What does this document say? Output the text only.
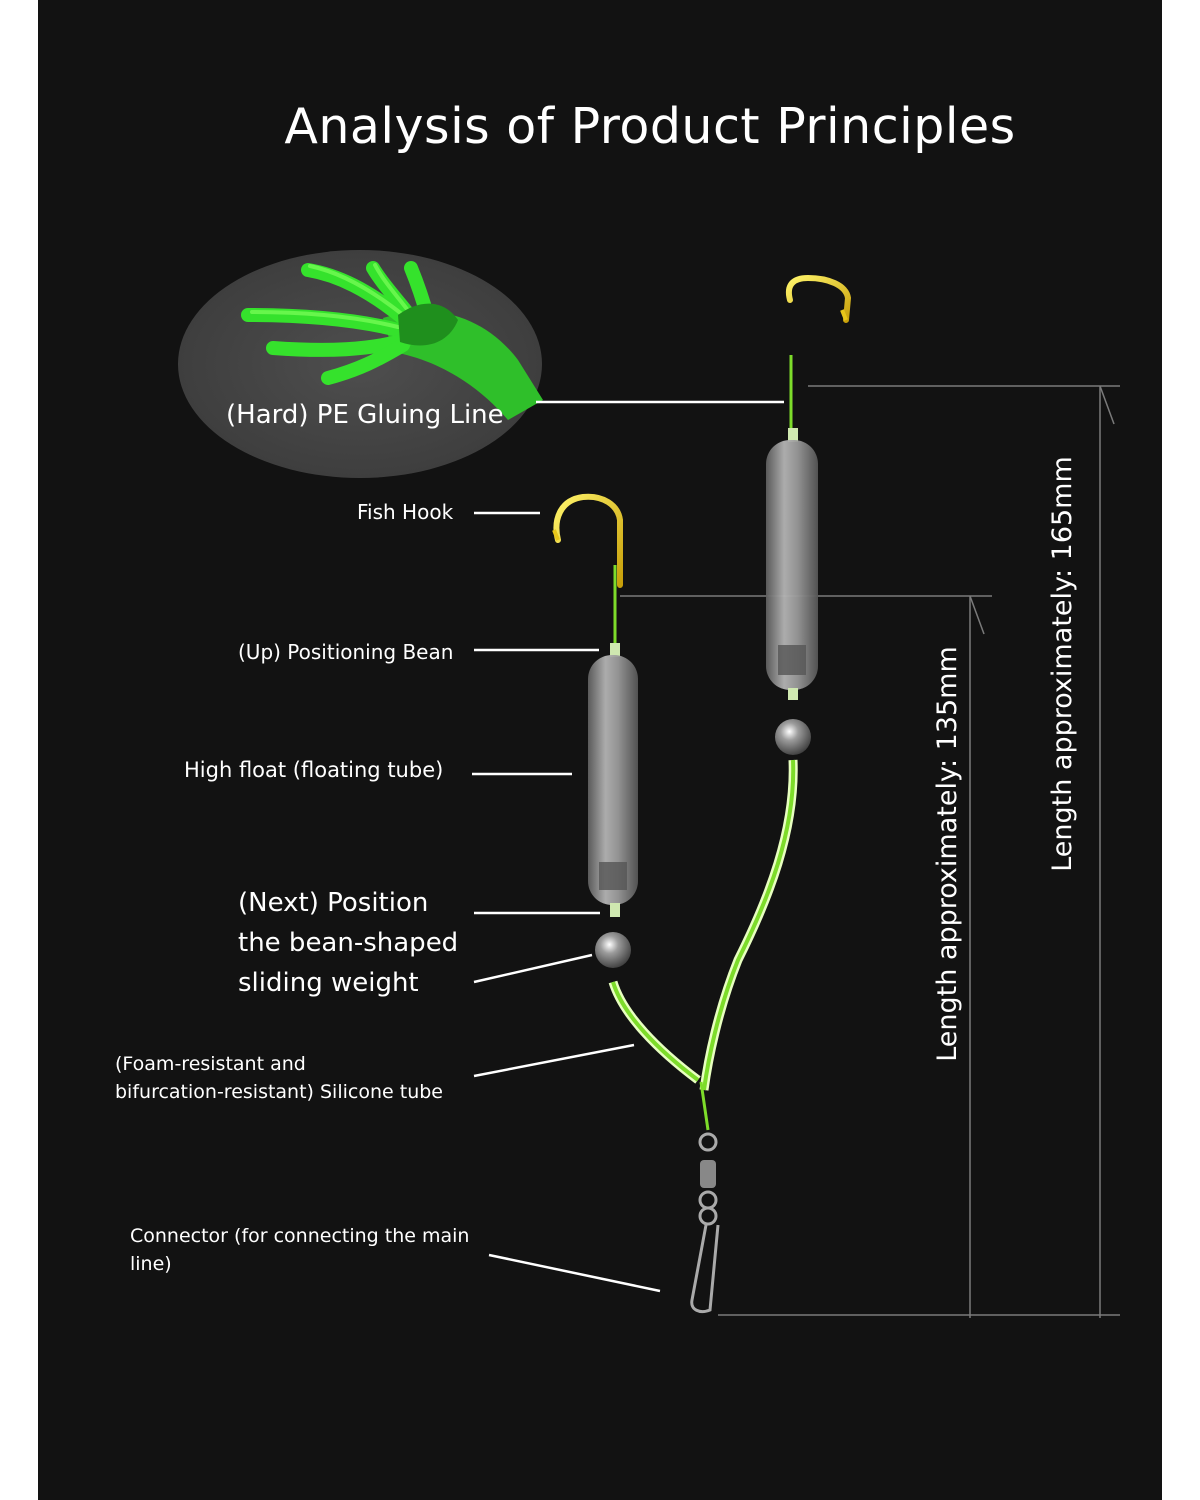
Analysis of Product Principles
(Hard) PE Gluing Line
Fish Hook
(Up) Positioning Bean
High float (floating tube)
(Next) Position
the bean-shaped
sliding weight
(Foam-resistant and
bifurcation-resistant) Silicone tube
Connector (for connecting the main
line)
Length approximately: 135mm	Length approximately: 165mm
